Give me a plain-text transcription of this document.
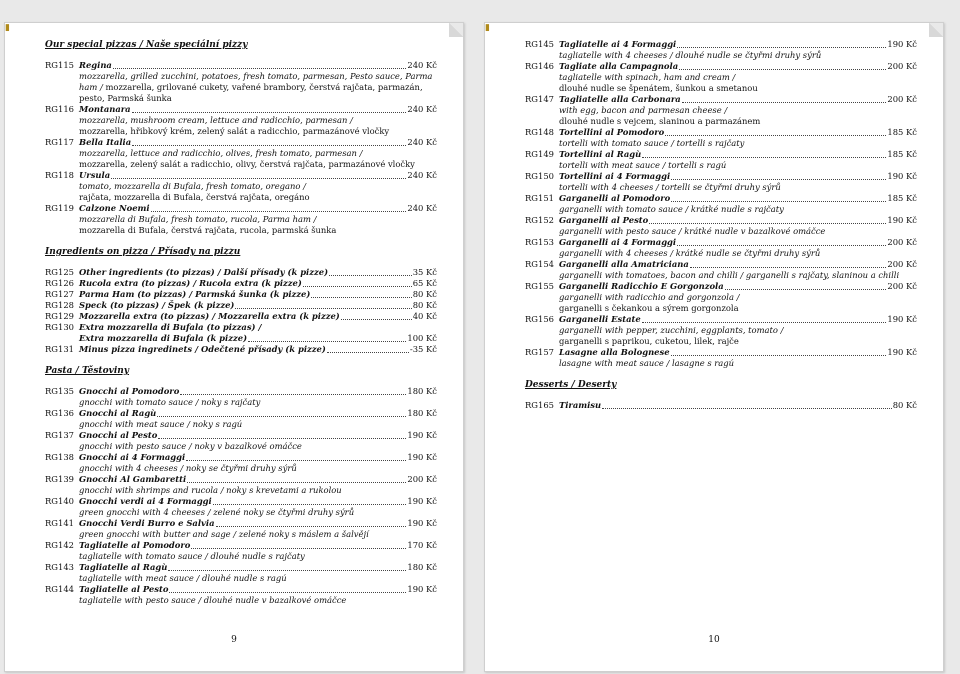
▮
Our special pizzas / Naše speciální pizzy
RG115 Regina	240 Kč
mozzarella, grilled zucchini, potatoes, fresh tomato, parmesan, Pesto sauce, Parma ham / mozzarella, grilované cukety, vařené brambory, čerstvá rajčata, parmazán, pesto, Parmská šunka
RG116 Montanara	240 Kč
mozzarella, mushroom cream, lettuce and radicchio, parmesan /
mozzarella, hřibkový krém, zelený salát a radicchio, parmazánové vločky
RG117 Bella Italia	240 Kč
mozzarella, lettuce and radicchio, olives, fresh tomato, parmesan /
mozzarella, zelený salát a radicchio, olivy, čerstvá rajčata, parmazánové vločky
RG118 Ursula	240 Kč
tomato, mozzarella di Bufala, fresh tomato, oregano /
rajčata, mozzarella di Bufala, čerstvá rajčata, oregáno
RG119 Calzone Noemi	240 Kč
mozzarella di Bufala, fresh tomato, rucola, Parma ham /
mozzarella di Bufala, čerstvá rajčata, rucola, parmská šunka
Ingredients on pizza / Přísady na pizzu
RG125 Other ingredients (to pizzas) / Další přísady (k pizze)	35 Kč
RG126 Rucola extra (to pizzas) / Rucola extra (k pizze)	65 Kč
RG127 Parma Ham (to pizzas) / Parmská šunka (k pizze)	80 Kč
RG128 Speck (to pizzas) / Špek (k pizze)	80 Kč
RG129 Mozzarella extra (to pizzas) / Mozzarella extra (k pizze)	40 Kč
RG130 Extra mozzarella di Bufala (to pizzas) /
Extra mozzarella di Bufala (k pizze)	100 Kč
RG131 Minus pizza ingredinets / Odečtené přísady (k pizze)	-35 Kč
Pasta / Těstoviny
RG135 Gnocchi al Pomodoro	180 Kč
gnocchi with tomato sauce / noky s rajčaty
RG136 Gnocchi al Ragù	180 Kč
gnocchi with meat sauce / noky s ragú
RG137 Gnocchi al Pesto	190 Kč
gnocchi with pesto sauce / noky v bazalkové omáčce
RG138 Gnocchi ai 4 Formaggi	190 Kč
gnocchi with 4 cheeses / noky se čtyřmi druhy sýrů
RG139 Gnocchi Al Gambaretti	200 Kč
gnocchi with shrimps and rucola / noky s krevetami a rukolou
RG140 Gnocchi verdi ai 4 Formaggi	190 Kč
green gnocchi with 4 cheeses / zelené noky se čtyřmi druhy sýrů
RG141 Gnocchi Verdi Burro e Salvia	190 Kč
green gnocchi with butter and sage / zelené noky s máslem a šalvějí
RG142 Tagliatelle al Pomodoro	170 Kč
tagliatelle with tomato sauce / dlouhé nudle s rajčaty
RG143 Tagliatelle al Ragù	180 Kč
tagliatelle with meat sauce / dlouhé nudle s ragú
RG144 Tagliatelle al Pesto	190 Kč
tagliatelle with pesto sauce / dlouhé nudle v bazalkové omáčce
9
▮
RG145 Tagliatelle ai 4 Formaggi	190 Kč
tagliatelle with 4 cheeses / dlouhé nudle se čtyřmi druhy sýrů
RG146 Tagliate alla Campagnola	200 Kč
tagliatelle with spinach, ham and cream /
dlouhé nudle se špenátem, šunkou a smetanou
RG147 Tagliatelle alla Carbonara	200 Kč
with egg, bacon and parmesan cheese /
dlouhé nudle s vejcem, slaninou a parmazánem
RG148 Tortellini al Pomodoro	185 Kč
tortelli with tomato sauce / tortelli s rajčaty
RG149 Tortellini al Ragù	185 Kč
tortelli with meat sauce / tortelli s ragú
RG150 Tortellini ai 4 Formaggi	190 Kč
tortelli with 4 cheeses / tortelli se čtyřmi druhy sýrů
RG151 Garganelli al Pomodoro	185 Kč
garganelli with tomato sauce / krátké nudle s rajčaty
RG152 Garganelli al Pesto	190 Kč
garganelli with pesto sauce / krátké nudle v bazalkové omáčce
RG153 Garganelli ai 4 Formaggi	200 Kč
garganelli with 4 cheeses / krátké nudle se čtyřmi druhy sýrů
RG154 Garganelli alla Amatriciana	200 Kč
garganelli with tomatoes, bacon and chilli / garganelli s rajčaty, slaninou a chilli
RG155 Garganelli Radicchio E Gorgonzola	200 Kč
garganelli with radicchio and gorgonzola /
garganelli s čekankou a sýrem gorgonzola
RG156 Garganelli Estate	190 Kč
garganelli with pepper, zucchini, eggplants, tomato /
garganelli s paprikou, cuketou, lilek, rajče
RG157 Lasagne alla Bolognese	190 Kč
lasagne with meat sauce / lasagne s ragú
Desserts / Deserty
RG165 Tiramisu	80 Kč
10
